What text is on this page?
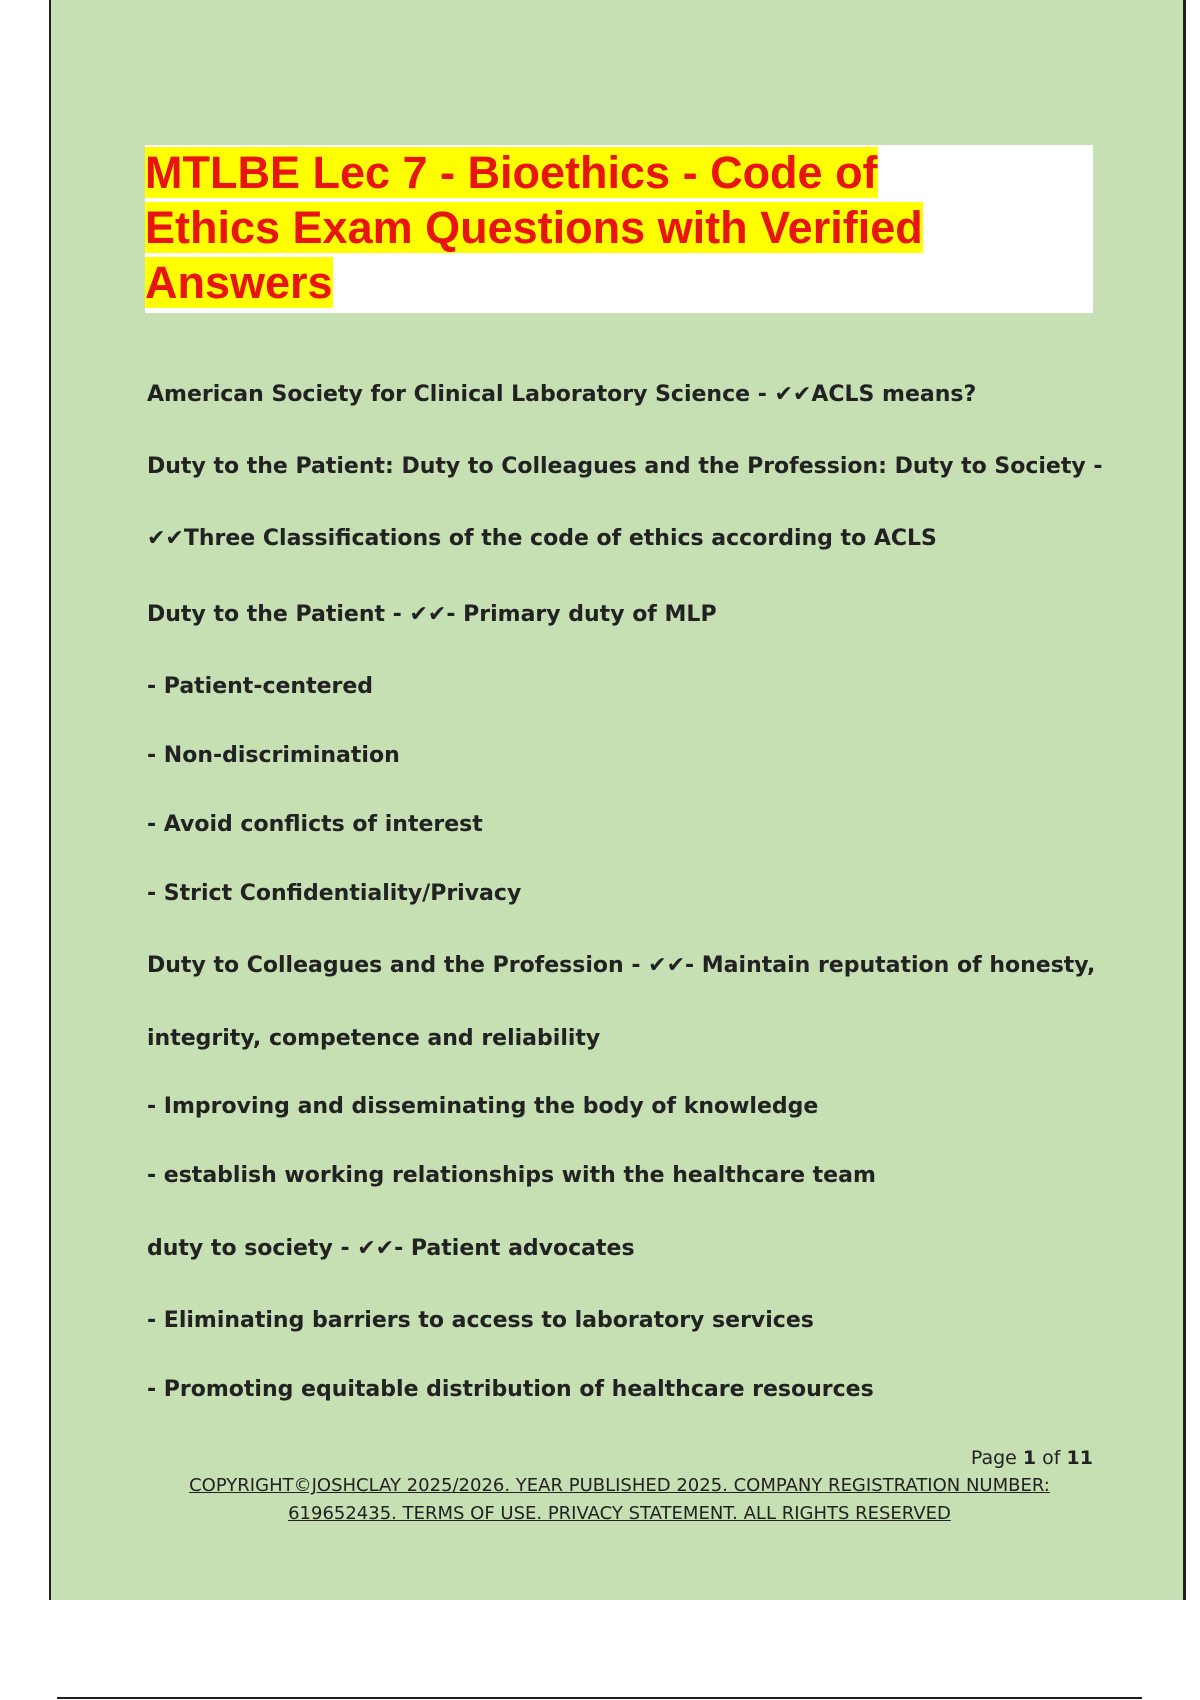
MTLBE Lec 7 - Bioethics - Code of
Ethics Exam Questions with Verified
Answers
American Society for Clinical Laboratory Science - ✔✔ACLS means?
Duty to the Patient: Duty to Colleagues and the Profession: Duty to Society -
✔✔Three Classifications of the code of ethics according to ACLS
Duty to the Patient - ✔✔- Primary duty of MLP
- Patient-centered
- Non-discrimination
- Avoid conflicts of interest
- Strict Confidentiality/Privacy
Duty to Colleagues and the Profession - ✔✔- Maintain reputation of honesty,
integrity, competence and reliability
- Improving and disseminating the body of knowledge
- establish working relationships with the healthcare team
duty to society - ✔✔- Patient advocates
- Eliminating barriers to access to laboratory services
- Promoting equitable distribution of healthcare resources
Page 1 of 11
COPYRIGHT©JOSHCLAY 2025/2026. YEAR PUBLISHED 2025. COMPANY REGISTRATION NUMBER:
619652435. TERMS OF USE. PRIVACY STATEMENT. ALL RIGHTS RESERVED
